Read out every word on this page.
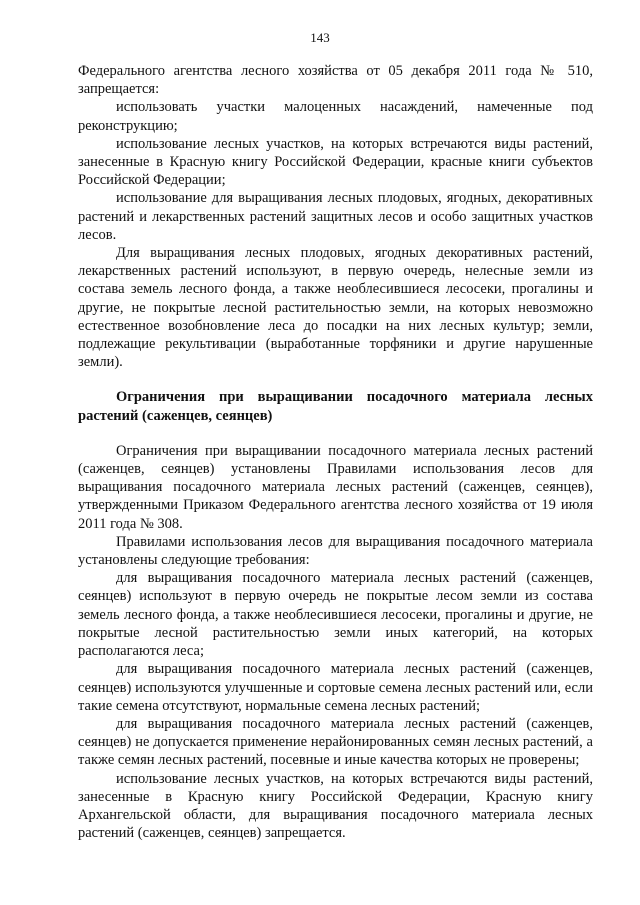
143

Федерального агентства лесного хозяйства от 05 декабря 2011 года № 510, запрещается:

использовать участки малоценных насаждений, намеченные под реконструкцию;

использование лесных участков, на которых встречаются виды растений, занесенные в Красную книгу Российской Федерации, красные книги субъектов Российской Федерации;

использование для выращивания лесных плодовых, ягодных, декоративных растений и лекарственных растений защитных лесов и особо защитных участков лесов.

Для выращивания лесных плодовых, ягодных декоративных растений, лекарственных растений используют, в первую очередь, нелесные земли из состава земель лесного фонда, а также необлесившиеся лесосеки, прогалины и другие, не покрытые лесной растительностью земли, на которых невозможно естественное возобновление леса до посадки на них лесных культур; земли, подлежащие рекультивации (выработанные торфяники и другие нарушенные земли).

Ограничения при выращивании посадочного материала лесных растений (саженцев, сеянцев)

Ограничения при выращивании посадочного материала лесных растений (саженцев, сеянцев) установлены Правилами использования лесов для выращивания посадочного материала лесных растений (саженцев, сеянцев), утвержденными Приказом Федерального агентства лесного хозяйства от 19 июля 2011 года № 308.

Правилами использования лесов для выращивания посадочного материала установлены следующие требования:

для выращивания посадочного материала лесных растений (саженцев, сеянцев) используют в первую очередь не покрытые лесом земли из состава земель лесного фонда, а также необлесившиеся лесосеки, прогалины и другие, не покрытые лесной растительностью земли иных категорий, на которых располагаются леса;

для выращивания посадочного материала лесных растений (саженцев, сеянцев) используются улучшенные и сортовые семена лесных растений или, если такие семена отсутствуют, нормальные семена лесных растений;

для выращивания посадочного материала лесных растений (саженцев, сеянцев) не допускается применение нерайонированных семян лесных растений, а также семян лесных растений, посевные и иные качества которых не проверены;

использование лесных участков, на которых встречаются виды растений, занесенные в Красную книгу Российской Федерации, Красную книгу Архангельской области, для выращивания посадочного материала лесных растений (саженцев, сеянцев) запрещается.
